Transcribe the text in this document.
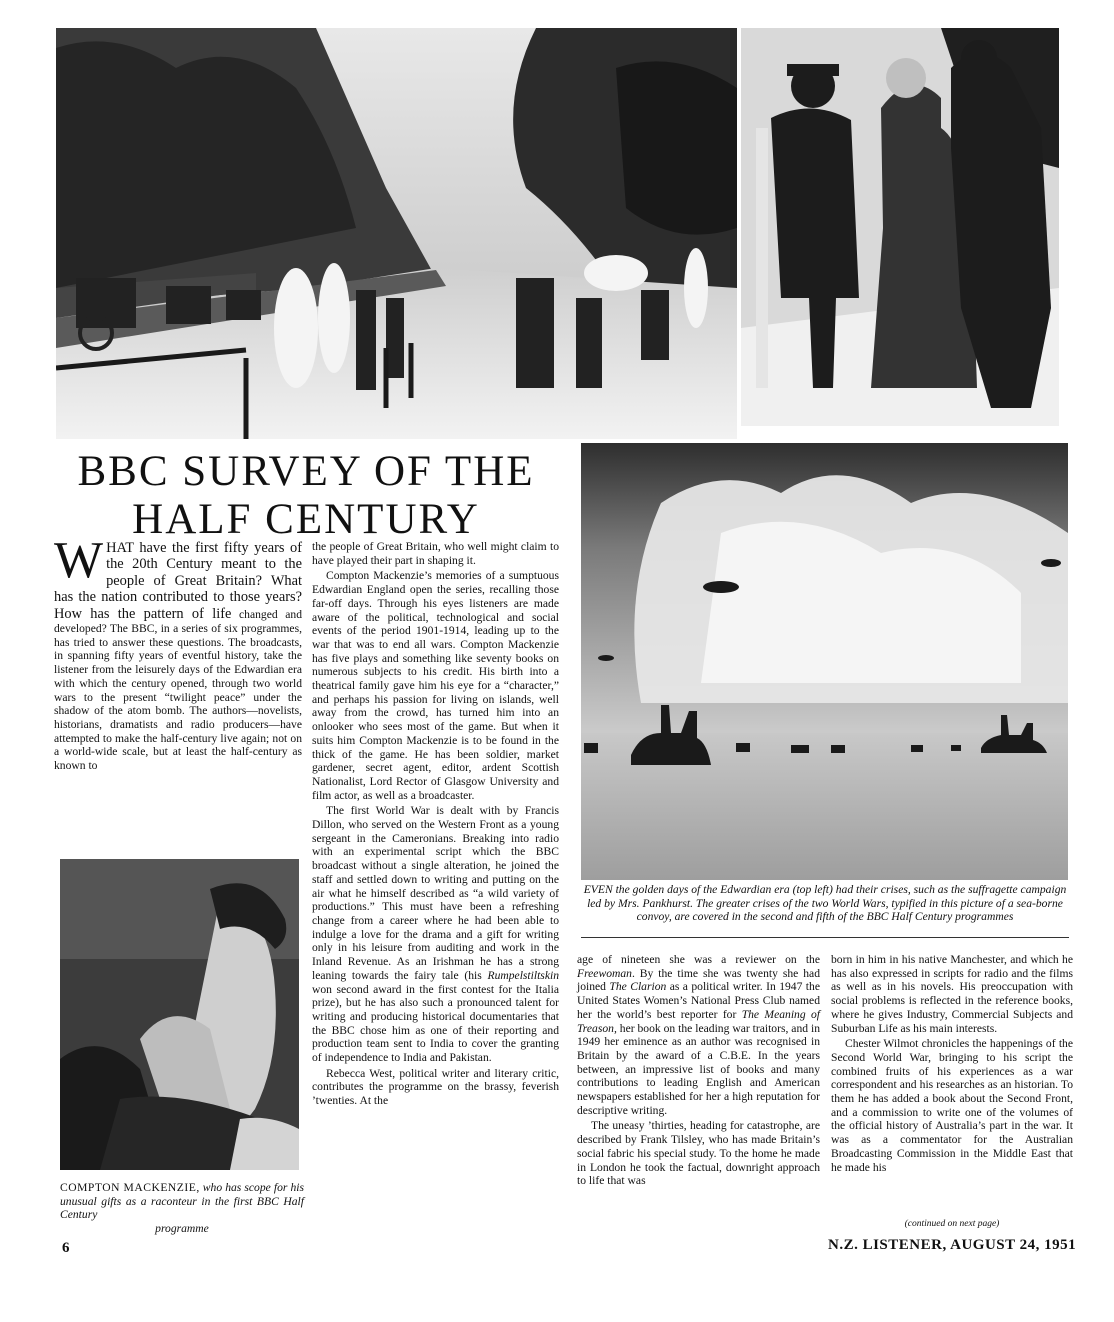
BBC SURVEY OF THE
HALF CENTURY

WHAT have the first fifty years of the 20th Century meant to the people of Great Britain? What has the nation contributed to those years? How has the pattern of life changed and developed? The BBC, in a series of six programmes, has tried to answer these questions. The broadcasts, in spanning fifty years of eventful history, take the listener from the leisurely days of the Edwardian era with which the century opened, through two world wars to the present “twilight peace” under the shadow of the atom bomb. The authors—novelists, historians, dramatists and radio producers—have attempted to make the half-century live again; not on a world-wide scale, but at least the half-century as known to

the people of Great Britain, who well might claim to have played their part in shaping it.

Compton Mackenzie’s memories of a sumptuous Edwardian England open the series, recalling those far-off days. Through his eyes listeners are made aware of the political, technological and social events of the period 1901-1914, leading up to the war that was to end all wars. Compton Mackenzie has five plays and something like seventy books on numerous subjects to his credit. His birth into a theatrical family gave him his eye for a “character,” and perhaps his passion for living on islands, well away from the crowd, has turned him into an onlooker who sees most of the game. But when it suits him Compton Mackenzie is to be found in the thick of the game. He has been soldier, market gardener, secret agent, editor, ardent Scottish Nationalist, Lord Rector of Glasgow University and film actor, as well as a broadcaster.

The first World War is dealt with by Francis Dillon, who served on the Western Front as a young sergeant in the Cameronians. Breaking into radio with an experimental script which the BBC broadcast without a single alteration, he joined the staff and settled down to writing and putting on the air what he himself described as “a wild variety of productions.” This must have been a refreshing change from a career where he had been able to indulge a love for the drama and a gift for writing only in his leisure from auditing and work in the Inland Revenue. As an Irishman he has a strong leaning towards the fairy tale (his Rumpelstiltskin won second award in the first contest for the Italia prize), but he has also such a pronounced talent for writing and producing historical documentaries that the BBC chose him as one of their reporting and production team sent to India to cover the granting of independence to India and Pakistan.

Rebecca West, political writer and literary critic, contributes the programme on the brassy, feverish ’twenties. At the

EVEN the golden days of the Edwardian era (top left) had their crises, such as the suffragette campaign led by Mrs. Pankhurst. The greater crises of the two World Wars, typified in this picture of a sea-borne convoy, are covered in the second and fifth of the BBC Half Century programmes

age of nineteen she was a reviewer on the Freewoman. By the time she was twenty she had joined The Clarion as a political writer. In 1947 the United States Women’s National Press Club named her the world’s best reporter for The Meaning of Treason, her book on the leading war traitors, and in 1949 her eminence as an author was recognised in Britain by the award of a C.B.E. In the years between, an impressive list of books and many contributions to leading English and American newspapers established for her a high reputation for descriptive writing.

The uneasy ’thirties, heading for catastrophe, are described by Frank Tilsley, who has made Britain’s social fabric his special study. To the home he made in London he took the factual, downright approach to life that was

born in him in his native Manchester, and which he has also expressed in scripts for radio and the films as well as in his novels. His preoccupation with social problems is reflected in the reference books, where he gives Industry, Commercial Subjects and Suburban Life as his main interests.

Chester Wilmot chronicles the happenings of the Second World War, bringing to his script the combined fruits of his experiences as a war correspondent and his researches as an historian. To them he has added a book about the Second Front, and a commission to write one of the volumes of the official history of Australia’s part in the war. It was as a commentator for the Australian Broadcasting Commission in the Middle East that he made his

(continued on next page)
COMPTON MACKENZIE, who has scope for his unusual gifts as a raconteur in the first BBC Half Century
programme
6	N.Z. LISTENER, AUGUST 24, 1951
